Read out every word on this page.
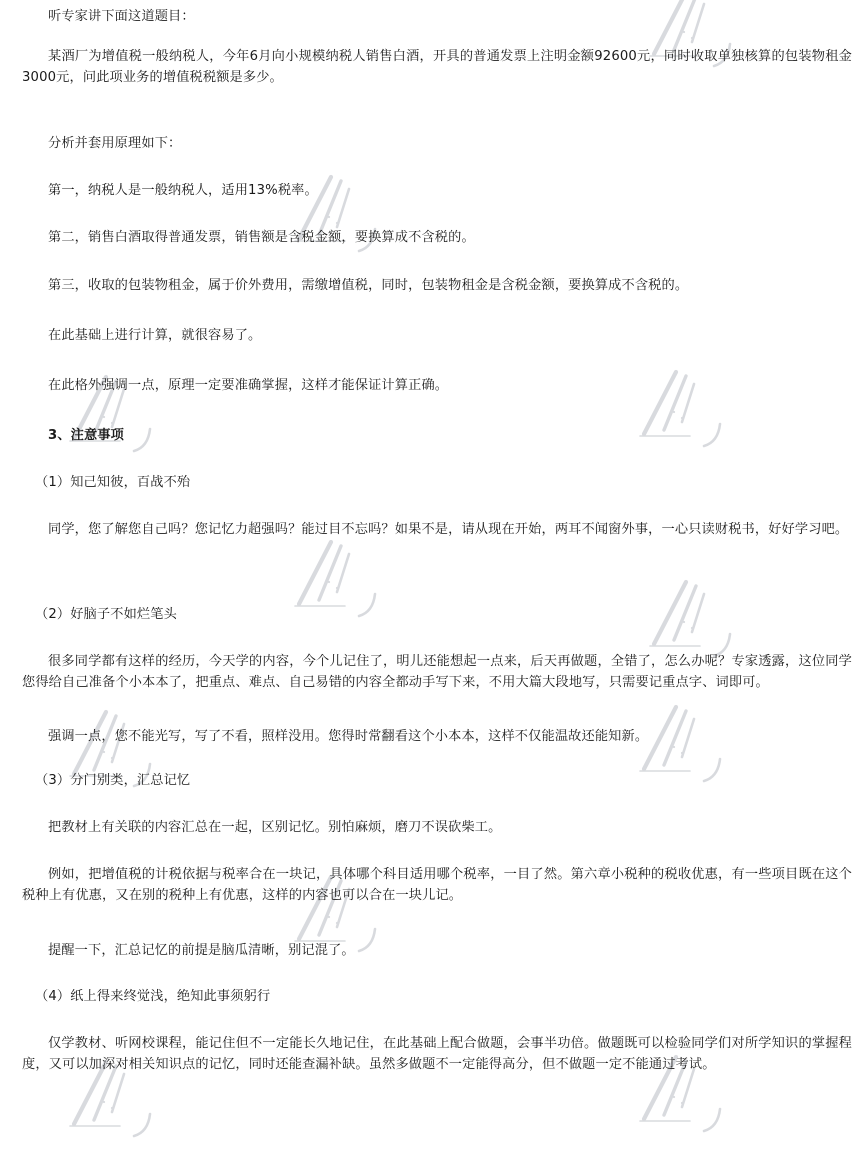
听专家讲下面这道题目：
某酒厂为增值税一般纳税人，今年6月向小规模纳税人销售白酒，开具的普通发票上注明金额92600元，同时收取单独核算的包装物租金3000元，问此项业务的增值税税额是多少。
分析并套用原理如下：
第一，纳税人是一般纳税人，适用13%税率。
第二，销售白酒取得普通发票，销售额是含税金额，要换算成不含税的。
第三，收取的包装物租金，属于价外费用，需缴增值税，同时，包装物租金是含税金额，要换算成不含税的。
在此基础上进行计算，就很容易了。
在此格外强调一点，原理一定要准确掌握，这样才能保证计算正确。
3、注意事项
（1）知己知彼，百战不殆
同学，您了解您自己吗？您记忆力超强吗？能过目不忘吗？如果不是，请从现在开始，两耳不闻窗外事，一心只读财税书，好好学习吧。
（2）好脑子不如烂笔头
很多同学都有这样的经历，今天学的内容，今个儿记住了，明儿还能想起一点来，后天再做题，全错了，怎么办呢？专家透露，这位同学您得给自己准备个小本本了，把重点、难点、自己易错的内容全都动手写下来，不用大篇大段地写，只需要记重点字、词即可。
强调一点，您不能光写，写了不看，照样没用。您得时常翻看这个小本本，这样不仅能温故还能知新。
（3）分门别类，汇总记忆
把教材上有关联的内容汇总在一起，区别记忆。别怕麻烦，磨刀不误砍柴工。
例如，把增值税的计税依据与税率合在一块记，具体哪个科目适用哪个税率，一目了然。第六章小税种的税收优惠，有一些项目既在这个税种上有优惠，又在别的税种上有优惠，这样的内容也可以合在一块儿记。
提醒一下，汇总记忆的前提是脑瓜清晰，别记混了。
（4）纸上得来终觉浅，绝知此事须躬行
仅学教材、听网校课程，能记住但不一定能长久地记住，在此基础上配合做题，会事半功倍。做题既可以检验同学们对所学知识的掌握程度，又可以加深对相关知识点的记忆，同时还能查漏补缺。虽然多做题不一定能得高分，但不做题一定不能通过考试。
